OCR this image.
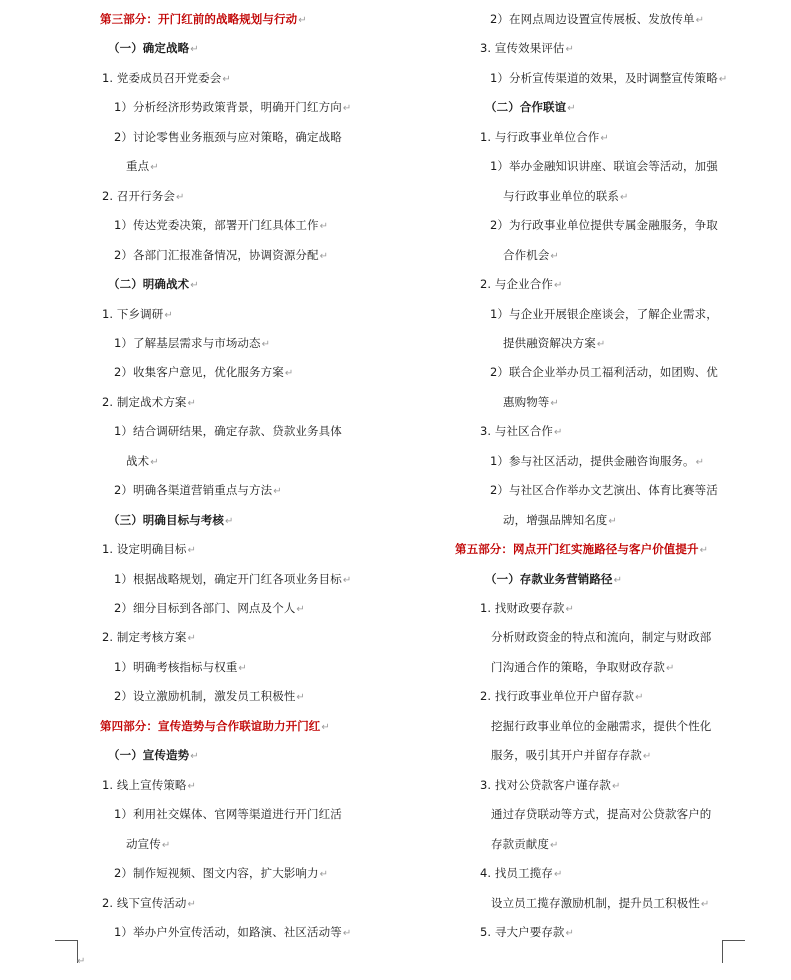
第三部分：开门红前的战略规划与行动↵
（一）确定战略↵
1. 党委成员召开党委会↵
1）分析经济形势政策背景，明确开门红方向↵
2）讨论零售业务瓶颈与应对策略，确定战略
重点↵
2. 召开行务会↵
1）传达党委决策，部署开门红具体工作↵
2）各部门汇报准备情况，协调资源分配↵
（二）明确战术↵
1. 下乡调研↵
1）了解基层需求与市场动态↵
2）收集客户意见，优化服务方案↵
2. 制定战术方案↵
1）结合调研结果，确定存款、贷款业务具体
战术↵
2）明确各渠道营销重点与方法↵
（三）明确目标与考核↵
1. 设定明确目标↵
1）根据战略规划，确定开门红各项业务目标↵
2）细分目标到各部门、网点及个人↵
2. 制定考核方案↵
1）明确考核指标与权重↵
2）设立激励机制，激发员工积极性↵
第四部分：宣传造势与合作联谊助力开门红↵
（一）宣传造势↵
1. 线上宣传策略↵
1）利用社交媒体、官网等渠道进行开门红活
动宣传↵
2）制作短视频、图文内容，扩大影响力↵
2. 线下宣传活动↵
1）举办户外宣传活动，如路演、社区活动等↵
2）在网点周边设置宣传展板、发放传单↵
3. 宣传效果评估↵
1）分析宣传渠道的效果，及时调整宣传策略↵
（二）合作联谊↵
1. 与行政事业单位合作↵
1）举办金融知识讲座、联谊会等活动，加强
与行政事业单位的联系↵
2）为行政事业单位提供专属金融服务，争取
合作机会↵
2. 与企业合作↵
1）与企业开展银企座谈会，了解企业需求，
提供融资解决方案↵
2）联合企业举办员工福利活动，如团购、优
惠购物等↵
3. 与社区合作↵
1）参与社区活动，提供金融咨询服务。↵
2）与社区合作举办文艺演出、体育比赛等活
动，增强品牌知名度↵
第五部分：网点开门红实施路径与客户价值提升↵
（一）存款业务营销路径↵
1. 找财政要存款↵
分析财政资金的特点和流向，制定与财政部
门沟通合作的策略，争取财政存款↵
2. 找行政事业单位开户留存款↵
挖掘行政事业单位的金融需求，提供个性化
服务，吸引其开户并留存存款↵
3. 找对公贷款客户谨存款↵
通过存贷联动等方式，提高对公贷款客户的
存款贡献度↵
4. 找员工揽存↵
设立员工揽存激励机制，提升员工积极性↵
5. 寻大户要存款↵
↵
